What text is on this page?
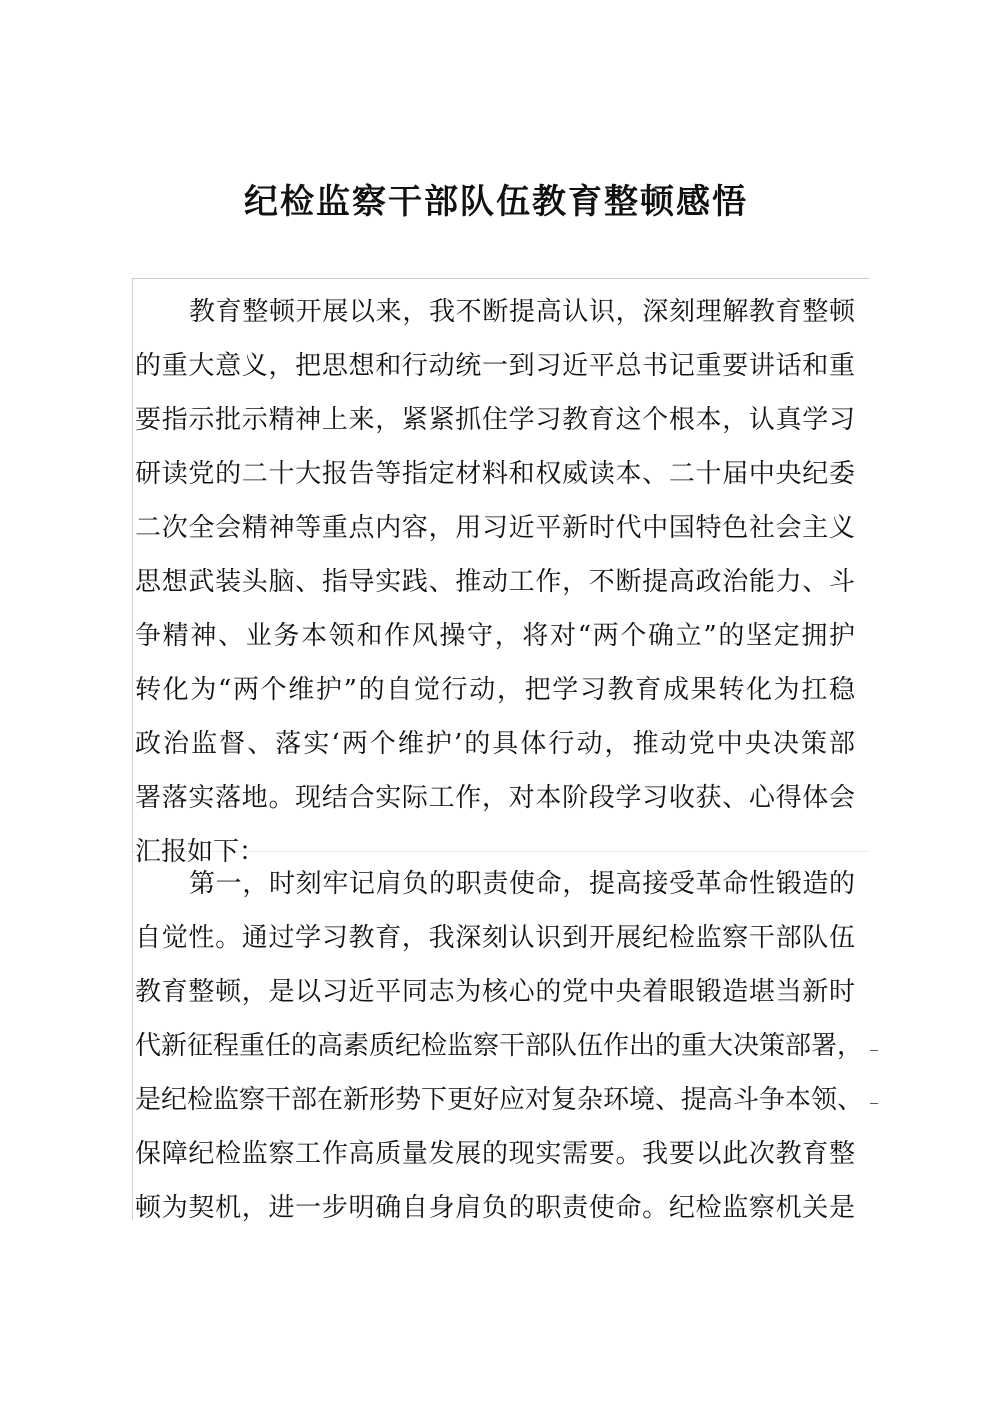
纪检监察干部队伍教育整顿感悟
教育整顿开展以来，我不断提高认识，深刻理解教育整顿
的重大意义，把思想和行动统一到习近平总书记重要讲话和重
要指示批示精神上来，紧紧抓住学习教育这个根本，认真学习
研读党的二十大报告等指定材料和权威读本、二十届中央纪委
二次全会精神等重点内容，用习近平新时代中国特色社会主义
思想武装头脑、指导实践、推动工作，不断提高政治能力、斗
争精神、业务本领和作风操守，将对“两个确立”的坚定拥护
转化为“两个维护”的自觉行动，把学习教育成果转化为扛稳
政治监督、落实‘两个维护’的具体行动，推动党中央决策部
署落实落地。现结合实际工作，对本阶段学习收获、心得体会
汇报如下：
第一，时刻牢记肩负的职责使命，提高接受革命性锻造的
自觉性。通过学习教育，我深刻认识到开展纪检监察干部队伍
教育整顿，是以习近平同志为核心的党中央着眼锻造堪当新时
代新征程重任的高素质纪检监察干部队伍作出的重大决策部署，
是纪检监察干部在新形势下更好应对复杂环境、提高斗争本领、
保障纪检监察工作高质量发展的现实需要。我要以此次教育整
顿为契机，进一步明确自身肩负的职责使命。纪检监察机关是
